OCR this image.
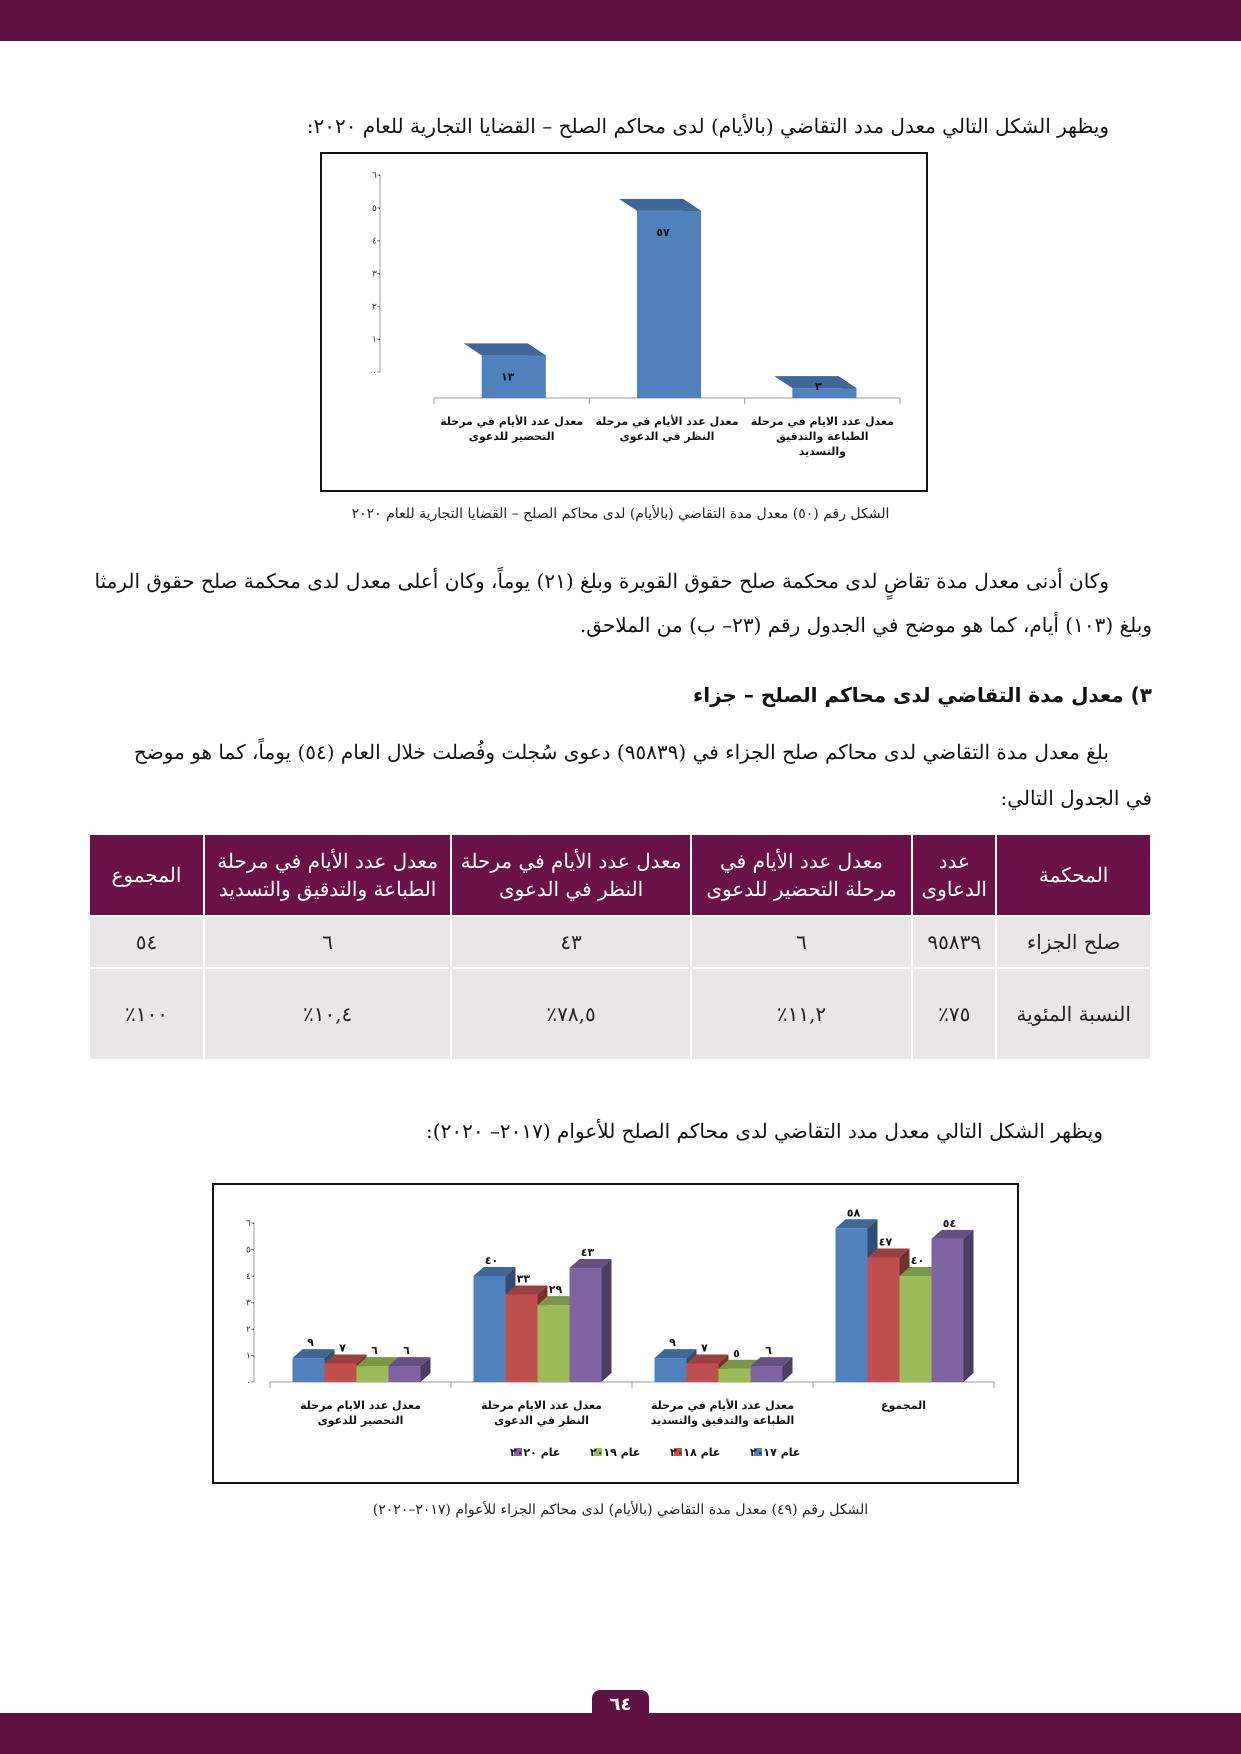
ويظهر الشكل التالي معدل مدد التقاضي (بالأيام) لدى محاكم الصلح – القضايا التجارية للعام ٢٠٢٠:
٠
١٠
٢٠
٣٠
٤٠
٥٠
٦٠
١٣
معدل عدد الأيام في مرحلة التحضير للدعوى
٥٧
معدل عدد الأيام في مرحلة النظر في الدعوى
٣
معدل عدد الايام في مرحلة الطباعة والتدقيق والتسديد
الشكل رقم (٥٠) معدل مدة التقاضي (بالأيام) لدى محاكم الصلح – القضايا التجارية للعام ٢٠٢٠
وكان أدنى معدل مدة تقاضٍ لدى محكمة صلح حقوق القويرة وبلغ (٢١) يوماً، وكان أعلى معدل لدى محكمة صلح حقوق الرمثا
وبلغ (١٠٣) أيام، كما هو موضح في الجدول رقم (٢٣– ب) من الملاحق.
٣) معدل مدة التقاضي لدى محاكم الصلح – جزاء
بلغ معدل مدة التقاضي لدى محاكم صلح الجزاء في (٩٥٨٣٩) دعوى سُجلت وفُصلت خلال العام (٥٤) يوماً، كما هو موضح
في الجدول التالي:
المحكمة	عدد الدعاوى	معدل عدد الأيام في مرحلة التحضير للدعوى	معدل عدد الأيام في مرحلة النظر في الدعوى	معدل عدد الأيام في مرحلة الطباعة والتدقيق والتسديد	المجموع
صلح الجزاء	٩٥٨٣٩	٦	٤٣	٦	٥٤
النسبة المئوية	٧٥٪	١١,٢٪	٧٨,٥٪	١٠,٤٪	١٠٠٪
ويظهر الشكل التالي معدل مدد التقاضي لدى محاكم الصلح للأعوام (٢٠١٧– ٢٠٢٠):
٠
١٠
٢٠
٣٠
٤٠
٥٠
٦٠
٩ ٧ ٦ ٦
معدل عدد الايام مرحلة التحضير للدعوى
٤٠
٣٣
٢٩
٤٣
معدل عدد الايام مرحلة النظر في الدعوى
٩ ٧ ٥ ٦
معدل عدد الأيام في مرحلة الطباعة والتدقيق والتسديد
٥٨
٤٧
٤٠
٥٤
المجموع
عام ٢٠١٧
عام ٢٠١٨
عام ٢٠١٩
عام ٢٠٢٠
الشكل رقم (٤٩) معدل مدة التقاضي (بالأيام) لدى محاكم الجزاء للأعوام (٢٠١٧–٢٠٢٠)
٦٤
